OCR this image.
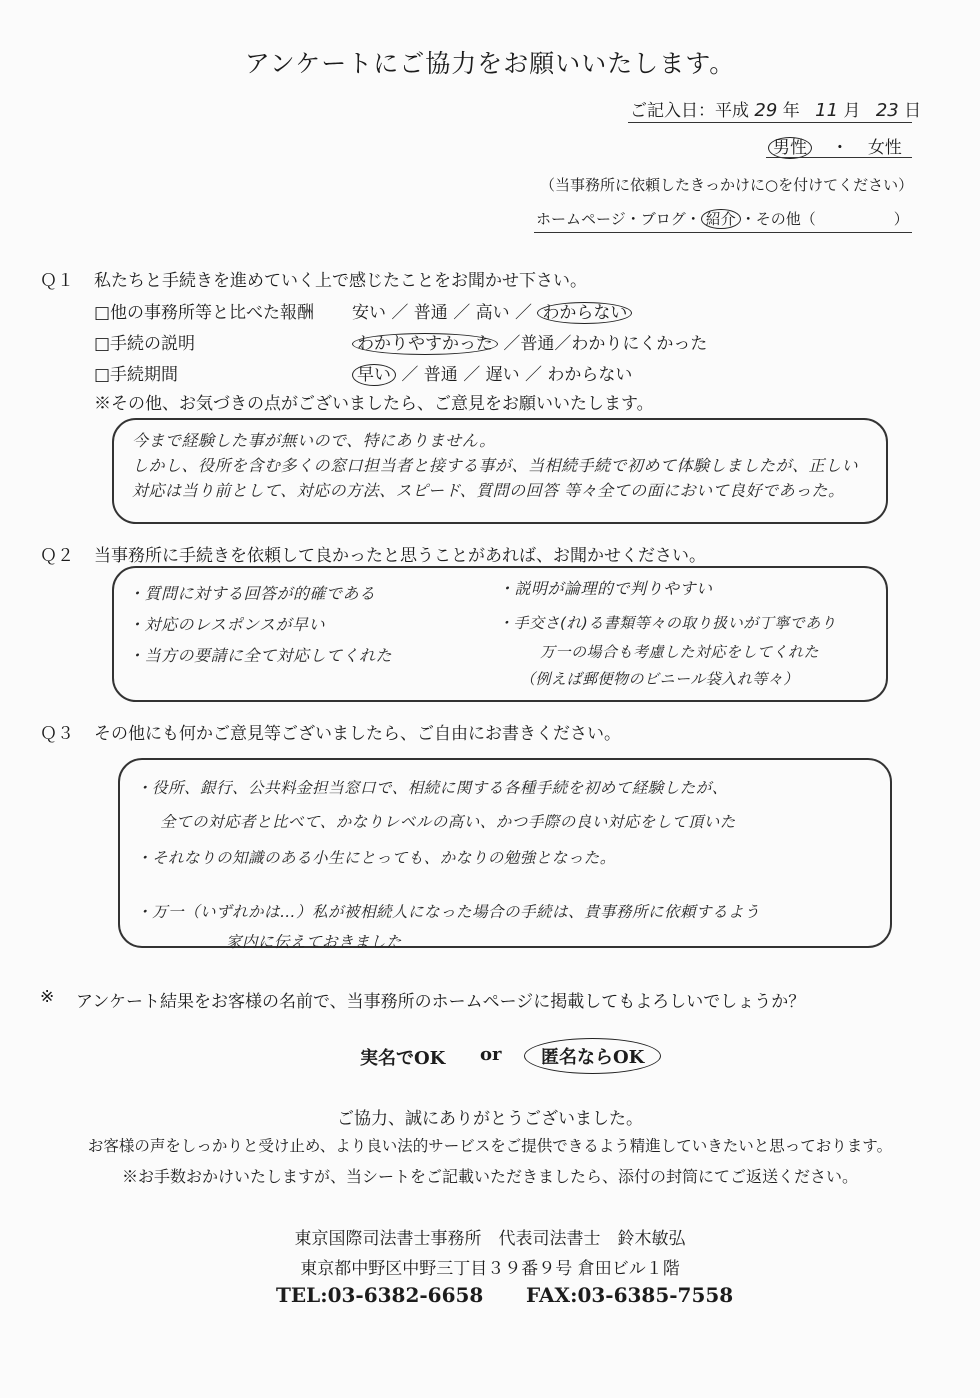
アンケートにご協力をお願いいたします。
ご記入日：平成 29 年 11 月 23 日
男性 ・ 女性
（当事務所に依頼したきっかけに○を付けてください）
ホームページ・ブログ・ 紹介 ・その他（	）
Ｑ１ 私たちと手続きを進めていく上で感じたことをお聞かせ下さい。
□他の事務所等と比べた報酬 安い ／ 普通 ／ 高い ／ わからない
□手続の説明	わかりやすかった ／普通／わかりにくかった
□手続期間	早い ／ 普通 ／ 遅い ／ わからない
※その他、お気づきの点がございましたら、ご意見をお願いいたします。
今まで経験した事が無いので、特にありません。
しかし、役所を含む多くの窓口担当者と接する事が、当相続手続で初めて体験しましたが、正しい
対応は当り前として、対応の方法、スピード、質問の回答 等々全ての面において良好であった。
Ｑ２ 当事務所に手続きを依頼して良かったと思うことがあれば、お聞かせください。
・質問に対する回答が的確である
・対応のレスポンスが早い
・当方の要請に全て対応してくれた
・説明が論理的で判りやすい
・手交さ(れ)る書類等々の取り扱いが丁寧であり
万一の場合も考慮した対応をしてくれた
（例えば郵便物のビニール袋入れ等々）
Ｑ３ その他にも何かご意見等ございましたら、ご自由にお書きください。
・役所、銀行、公共料金担当窓口で、相続に関する各種手続を初めて経験したが、
全ての対応者と比べて、かなりレベルの高い、かつ手際の良い対応をして頂いた
・それなりの知識のある小生にとっても、かなりの勉強となった。
・万一（いずれかは…）私が被相続人になった場合の手続は、貴事務所に依頼するよう
家内に伝えておきました
※ アンケート結果をお客様の名前で、当事務所のホームページに掲載してもよろしいでしょうか？
実名でOK or	匿名ならOK
ご協力、誠にありがとうございました。
お客様の声をしっかりと受け止め、より良い法的サービスをご提供できるよう精進していきたいと思っております。
※お手数おかけいたしますが、当シートをご記載いただきましたら、添付の封筒にてご返送ください。
東京国際司法書士事務所　代表司法書士　鈴木敏弘
東京都中野区中野三丁目３９番９号 倉田ビル１階
TEL:03-6382-6658 FAX:03-6385-7558
